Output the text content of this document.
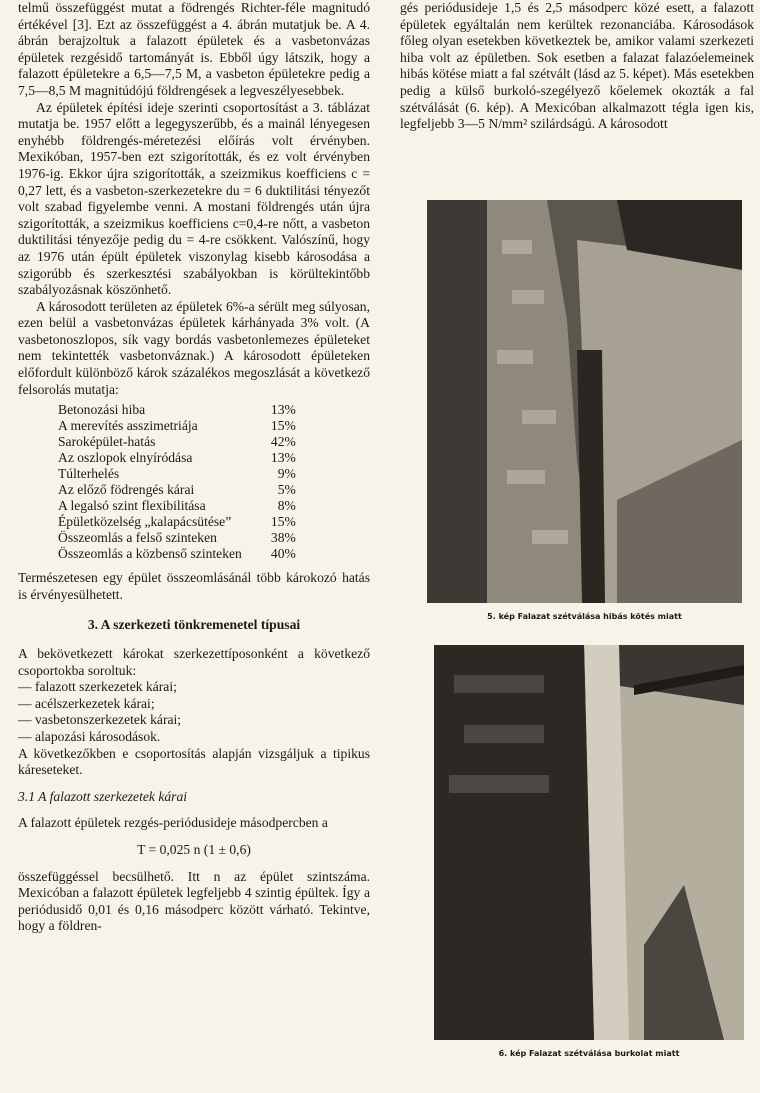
telmű összefüggést mutat a födrengés Richter-féle magnitudó értékével [3]. Ezt az összefüggést a 4. ábrán mutatjuk be. A 4. ábrán berajzoltuk a falazott épületek és a vasbetonvázas épületek rezgésidő tartományát is. Ebből úgy látszik, hogy a falazott épületekre a 6,5—7,5 M, a vasbeton épületekre pedig a 7,5—8,5 M magnitúdójú földrengések a legveszélyesebbek.

Az épületek építési ideje szerinti csoportosítást a 3. táblázat mutatja be. 1957 előtt a legegyszerűbb, és a mainál lényegesen enyhébb földrengés-méretezési előírás volt érvényben. Mexikóban, 1957-ben ezt szigorították, és ez volt érvényben 1976-ig. Ekkor újra szigorították, a szeizmikus koefficiens c = 0,27 lett, és a vasbeton-szerkezetekre du = 6 duktilitási tényezőt volt szabad figyelembe venni. A mostani földrengés után újra szigorították, a szeizmikus koefficiens c=0,4-re nőtt, a vasbeton duktilitási tényezője pedig du = 4-re csökkent. Valószínű, hogy az 1976 után épült épületek viszonylag kisebb károsodása a szigorúbb és szerkesztési szabályokban is körültekintőbb szabályozásnak köszönhető.

A károsodott területen az épületek 6%-a sérült meg súlyosan, ezen belül a vasbetonvázas épületek kárhányada 3% volt. (A vasbetonoszlopos, sík vagy bordás vasbetonlemezes épületeket nem tekintették vasbetonváznak.) A károsodott épületeken előfordult különböző károk százalékos megoszlását a következő felsorolás mutatja:

Betonozási hiba	13%
A merevítés asszimetriája	15%
Saroképület-hatás	42%
Az oszlopok elnyíródása	13%
Túlterhelés	9%
Az előző födrengés kárai	5%
A legalsó szint flexibilitása	8%
Épületközelség „kalapácsütése”	15%
Összeomlás a felső szinteken	38%
Összeomlás a közbenső szinteken	40%

Természetesen egy épület összeomlásánál több károkozó hatás is érvényesülhetett.

3. A szerkezeti tönkremenetel típusai

A bekövetkezett károkat szerkezettíposonként a következő csoportokba soroltuk:

— falazott szerkezetek kárai;
— acélszerkezetek kárai;
— vasbetonszerkezetek kárai;
— alapozási károsodások.

A következőkben e csoportosítás alapján vizsgáljuk a tipikus káreseteket.

3.1 A falazott szerkezetek kárai

A falazott épületek rezgés-periódusideje másodpercben a

T = 0,025 n (1 ± 0,6)

összefüggéssel becsülhető. Itt n az épület szintszáma. Mexicóban a falazott épületek legfeljebb 4 szintig épültek. Így a periódusidő 0,01 és 0,16 másodperc között várható. Tekintve, hogy a földren-

gés periódusideje 1,5 és 2,5 másodperc közé esett, a falazott épületek egyáltalán nem kerültek rezonanciába. Károsodások főleg olyan esetekben következtek be, amikor valami szerkezeti hiba volt az épületben. Sok esetben a falazat falazóelemeinek hibás kötése miatt a fal szétvált (lásd az 5. képet). Más esetekben pedig a külső burkoló-szegélyező kőelemek okozták a fal szétválását (6. kép). A Mexicóban alkalmazott tégla igen kis, legfeljebb 3—5 N/mm² szilárdságú. A károsodott

5. kép Falazat szétválása hibás kötés miatt
6. kép Falazat szétválása burkolat miatt
